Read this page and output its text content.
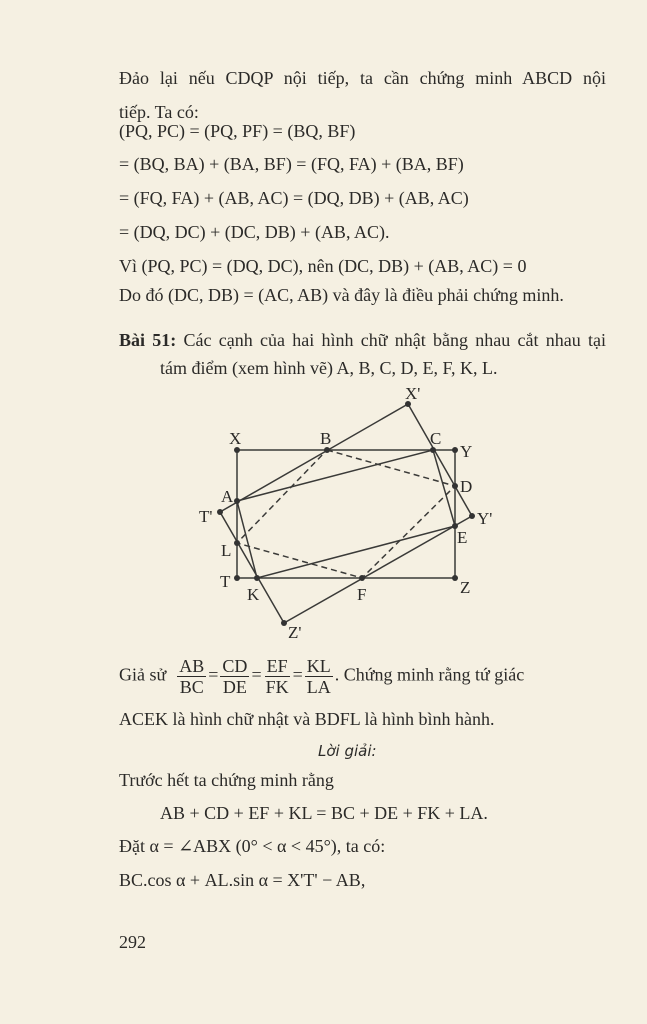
Đảo lại nếu CDQP nội tiếp, ta cần chứng minh ABCD nội
tiếp. Ta có:
(PQ, PC) = (PQ, PF) = (BQ, BF)
= (BQ, BA) + (BA, BF) = (FQ, FA) + (BA, BF)
= (FQ, FA) + (AB, AC) = (DQ, DB) + (AB, AC)
= (DQ, DC) + (DC, DB) + (AB, AC).
Vì (PQ, PC) = (DQ, DC), nên (DC, DB) + (AB, AC) = 0
Do đó (DC, DB) = (AC, AB) và đây là điều phải chứng minh.
Bài 51: Các cạnh của hai hình chữ nhật bằng nhau cắt nhau tại
tám điểm (xem hình vẽ) A, B, C, D, E, F, K, L.
X	B	C
Y
D
A
T'	Y'
E
L
T
K	F	Z
Z'
X'
Giả sử $\frac{AB}{BC} = \frac{CD}{DE} = \frac{EF}{FK} = \frac{KL}{LA}$ . Chứng minh rằng tứ giác
ACEK là hình chữ nhật và BDFL là hình bình hành.
Lời giải:
Trước hết ta chứng minh rằng
AB + CD + EF + KL = BC + DE + FK + LA.
Đặt α = ∠ABX (0° < α < 45°), ta có:
BC.cos α + AL.sin α = X'T' − AB,
292
